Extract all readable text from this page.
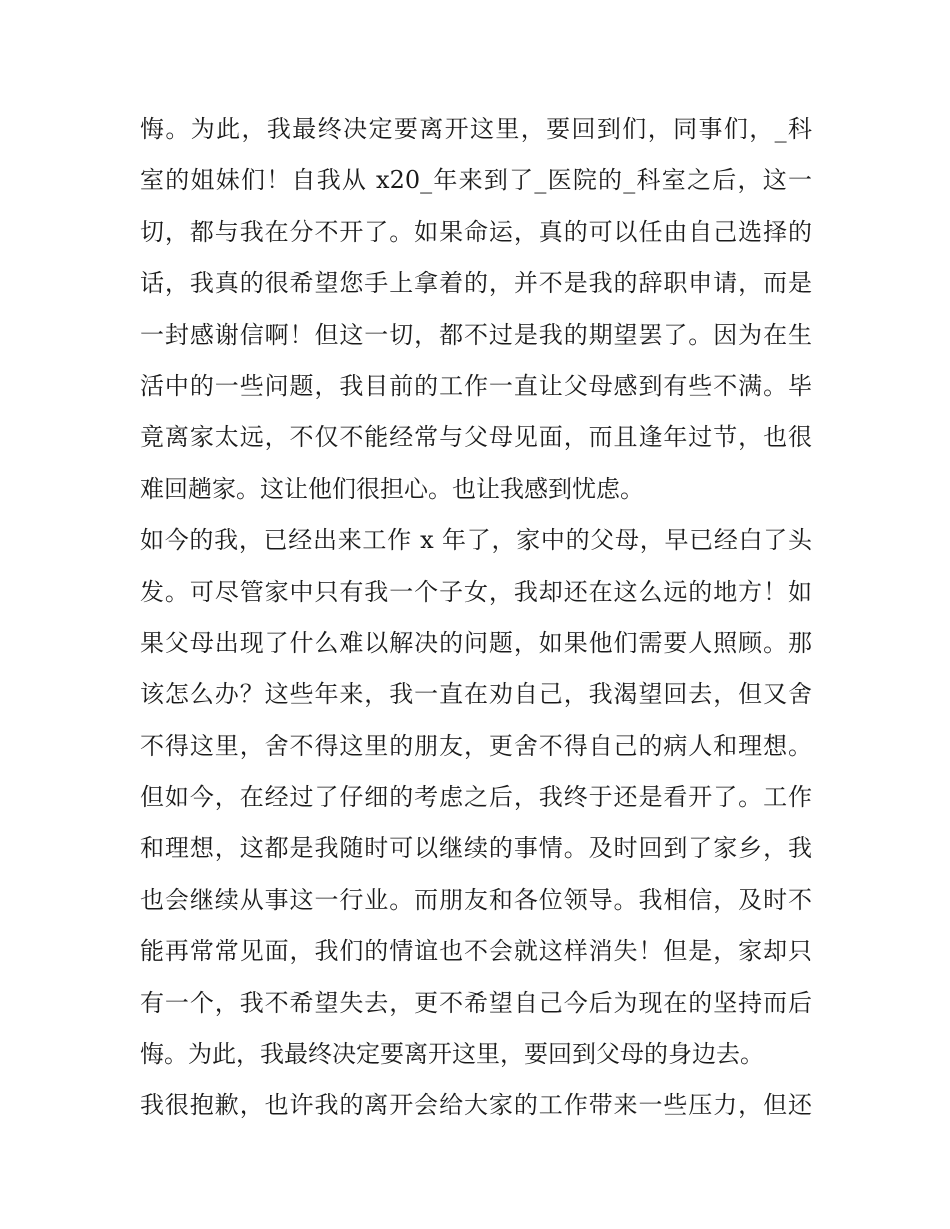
悔。为此，我最终决定要离开这里，要回到们，同事们，_科
室的姐妹们！自我从 x20_年来到了_医院的_科室之后，这一
切，都与我在分不开了。如果命运，真的可以任由自己选择的
话，我真的很希望您手上拿着的，并不是我的辞职申请，而是
一封感谢信啊！但这一切，都不过是我的期望罢了。因为在生
活中的一些问题，我目前的工作一直让父母感到有些不满。毕
竟离家太远，不仅不能经常与父母见面，而且逢年过节，也很
难回趟家。这让他们很担心。也让我感到忧虑。
如今的我，已经出来工作 x 年了，家中的父母，早已经白了头
发。可尽管家中只有我一个子女，我却还在这么远的地方！如
果父母出现了什么难以解决的问题，如果他们需要人照顾。那
该怎么办？这些年来，我一直在劝自己，我渴望回去，但又舍
不得这里，舍不得这里的朋友，更舍不得自己的病人和理想。
但如今，在经过了仔细的考虑之后，我终于还是看开了。工作
和理想，这都是我随时可以继续的事情。及时回到了家乡，我
也会继续从事这一行业。而朋友和各位领导。我相信，及时不
能再常常见面，我们的情谊也不会就这样消失！但是，家却只
有一个，我不希望失去，更不希望自己今后为现在的坚持而后
悔。为此，我最终决定要离开这里，要回到父母的身边去。
我很抱歉，也许我的离开会给大家的工作带来一些压力，但还
